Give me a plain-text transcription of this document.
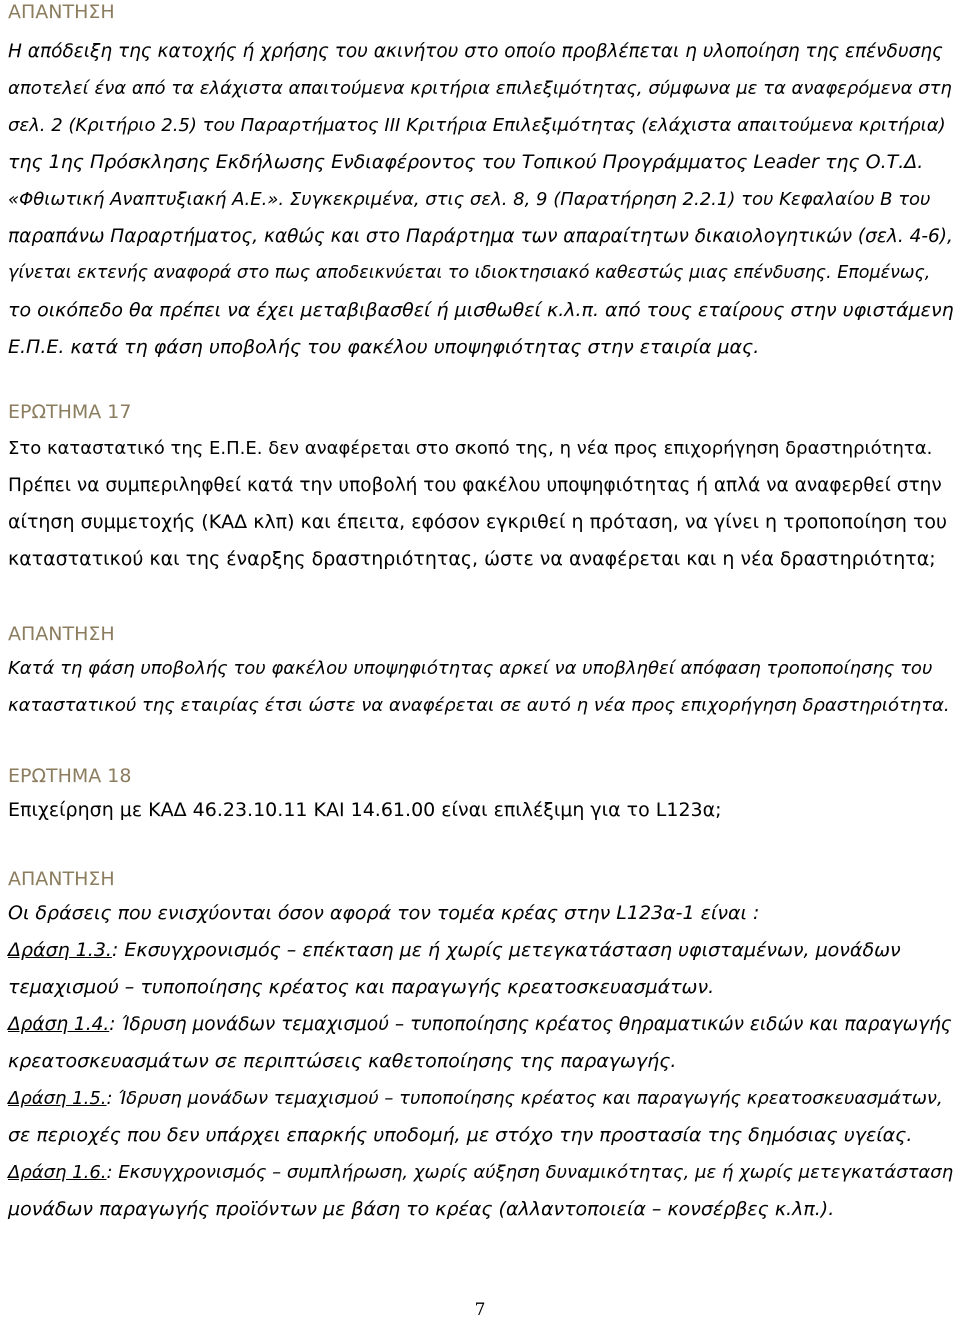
ΑΠΑΝΤΗΣΗ

Η απόδειξη της κατοχής ή χρήσης του ακινήτου στο οποίο προβλέπεται η υλοποίηση της επένδυσης
αποτελεί ένα από τα ελάχιστα απαιτούμενα κριτήρια επιλεξιμότητας, σύμφωνα με τα αναφερόμενα στη
σελ. 2 (Κριτήριο 2.5) του Παραρτήματος III Κριτήρια Επιλεξιμότητας (ελάχιστα απαιτούμενα κριτήρια)
της 1ης Πρόσκλησης Εκδήλωσης Ενδιαφέροντος του Τοπικού Προγράμματος Leader της Ο.Τ.Δ.
«Φθιωτική Αναπτυξιακή Α.Ε.». Συγκεκριμένα, στις σελ. 8, 9 (Παρατήρηση 2.2.1) του Κεφαλαίου Β του
παραπάνω Παραρτήματος, καθώς και στο Παράρτημα των απαραίτητων δικαιολογητικών (σελ. 4-6),
γίνεται εκτενής αναφορά στο πως αποδεικνύεται το ιδιοκτησιακό καθεστώς μιας επένδυσης. Επομένως,
το οικόπεδο θα πρέπει να έχει μεταβιβασθεί ή μισθωθεί κ.λ.π. από τους εταίρους στην υφιστάμενη
Ε.Π.Ε. κατά τη φάση υποβολής του φακέλου υποψηφιότητας στην εταιρία μας.

ΕΡΩΤΗΜΑ 17

Στο καταστατικό της Ε.Π.Ε. δεν αναφέρεται στο σκοπό της, η νέα προς επιχορήγηση δραστηριότητα.
Πρέπει να συμπεριληφθεί κατά την υποβολή του φακέλου υποψηφιότητας ή απλά να αναφερθεί στην
αίτηση συμμετοχής (ΚΑΔ κλπ) και έπειτα, εφόσον εγκριθεί η πρόταση, να γίνει η τροποποίηση του
καταστατικού και της έναρξης δραστηριότητας, ώστε να αναφέρεται και η νέα δραστηριότητα;

ΑΠΑΝΤΗΣΗ

Κατά τη φάση υποβολής του φακέλου υποψηφιότητας αρκεί να υποβληθεί απόφαση τροποποίησης του
καταστατικού της εταιρίας έτσι ώστε να αναφέρεται σε αυτό η νέα προς επιχορήγηση δραστηριότητα.

ΕΡΩΤΗΜΑ 18

Επιχείρηση με ΚΑΔ 46.23.10.11 ΚΑΙ 14.61.00 είναι επιλέξιμη για το L123α;

ΑΠΑΝΤΗΣΗ

Οι δράσεις που ενισχύονται όσον αφορά τον τομέα κρέας στην L123α-1 είναι :
Δράση 1.3.: Εκσυγχρονισμός – επέκταση με ή χωρίς μετεγκατάσταση υφισταμένων, μονάδων
τεμαχισμού – τυποποίησης κρέατος και παραγωγής κρεατοσκευασμάτων.
Δράση 1.4.: Ίδρυση μονάδων τεμαχισμού – τυποποίησης κρέατος θηραματικών ειδών και παραγωγής
κρεατοσκευασμάτων σε περιπτώσεις καθετοποίησης της παραγωγής.
Δράση 1.5.: Ίδρυση μονάδων τεμαχισμού – τυποποίησης κρέατος και παραγωγής κρεατοσκευασμάτων,
σε περιοχές που δεν υπάρχει επαρκής υποδομή, με στόχο την προστασία της δημόσιας υγείας.
Δράση 1.6.: Εκσυγχρονισμός – συμπλήρωση, χωρίς αύξηση δυναμικότητας, με ή χωρίς μετεγκατάσταση
μονάδων παραγωγής προϊόντων με βάση το κρέας (αλλαντοποιεία – κονσέρβες κ.λπ.).
7
